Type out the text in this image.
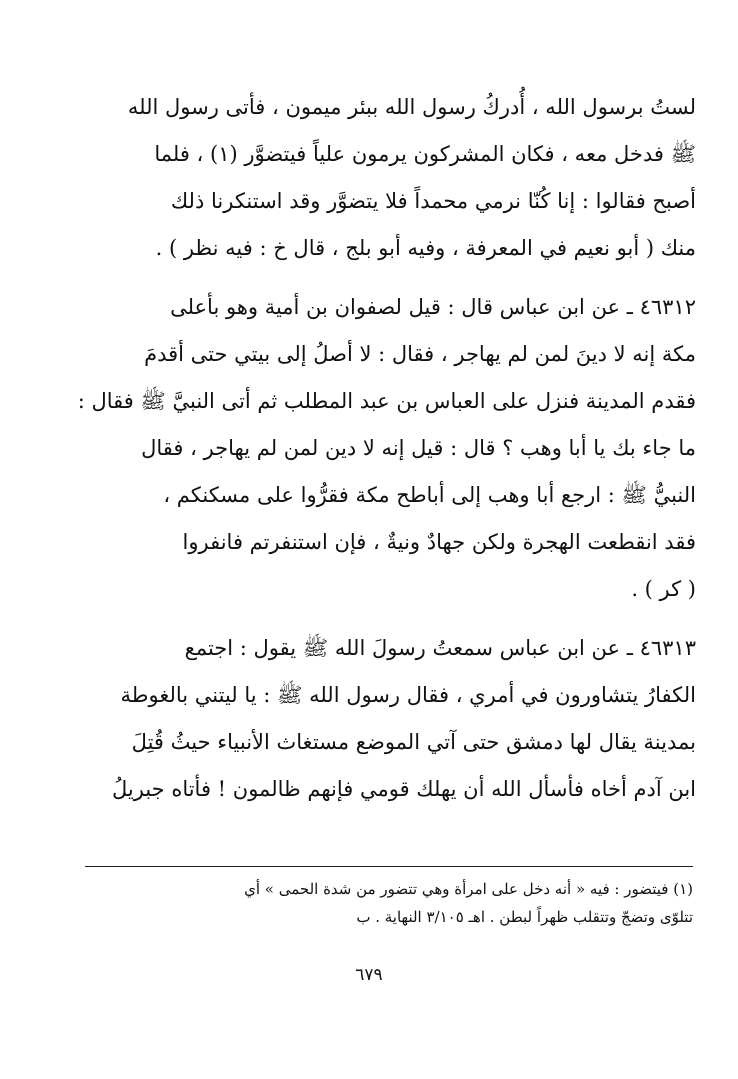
لستُ برسول الله ، أُدركُ رسول الله ببئر ميمون ، فأتى رسول الله
ﷺ فدخل معه ، فكان المشركون يرمون علياً فيتضوَّر (١) ، فلما
أصبح فقالوا : إنا كُنّا نرمي محمداً فلا يتضوَّر وقد استنكرنا ذلك
منك ( أبو نعيم في المعرفة ، وفيه أبو بلج ، قال خ : فيه نظر ) .
٤٦٣١٢ ـ عن ابن عباس قال : قيل لصفوان بن أمية وهو بأعلى
مكة إنه لا دينَ لمن لم يهاجر ، فقال : لا أصلُ إلى بيتي حتى أقدمَ
فقدم المدينة فنزل على العباس بن عبد المطلب ثم أتى النبيَّ ﷺ فقال :
ما جاء بك يا أبا وهب ؟ قال : قيل إنه لا دين لمن لم يهاجر ، فقال
النبيُّ ﷺ : ارجع أبا وهب إلى أباطح مكة فقرُّوا على مسكنكم ،
فقد انقطعت الهجرة ولكن جهادٌ ونيةٌ ، فإن استنفرتم فانفروا
( كر ) .
٤٦٣١٣ ـ عن ابن عباس سمعتُ رسولَ الله ﷺ يقول : اجتمع
الكفارُ يتشاورون في أمري ، فقال رسول الله ﷺ : يا ليتني بالغوطة
بمدينة يقال لها دمشق حتى آتي الموضع مستغاث الأنبياء حيثُ قُتِلَ
ابن آدم أخاه فأسأل الله أن يهلك قومي فإنهم ظالمون ! فأتاه جبريلُ
(١) فيتضور : فيه « أنه دخل على امرأة وهي تتضور من شدة الحمى » أي
تتلوّى وتضجّ وتتقلب ظهراً لبطن . اهـ ٣/١٠٥ النهاية . ب
٦٧٩
